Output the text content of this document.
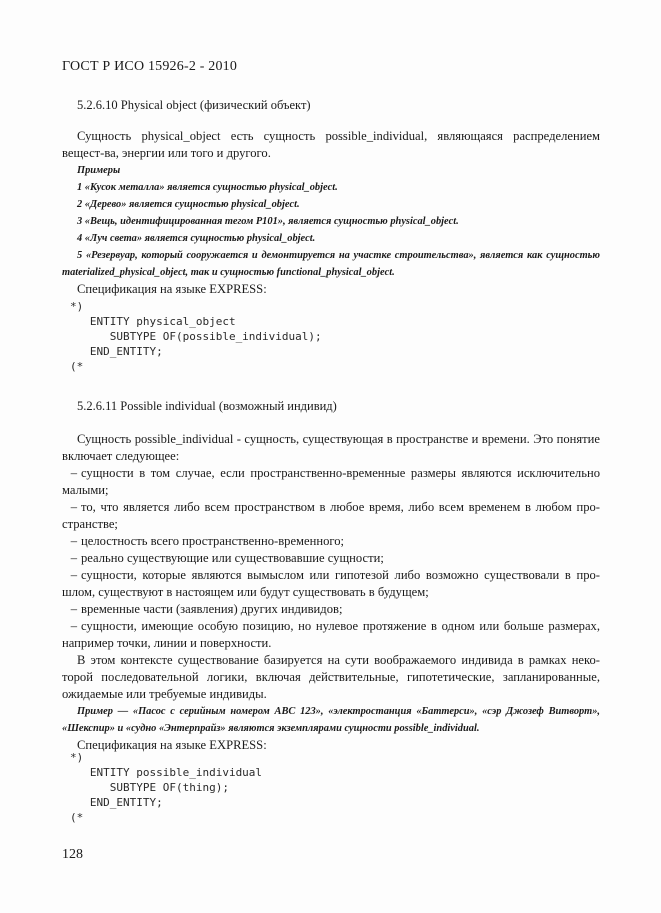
ГОСТ Р ИСО 15926-2 - 2010
5.2.6.10 Physical object (физический объект)

Сущность physical_object есть сущность possible_individual, являющаяся распределением вещест-ва, энергии или того и другого.

Примеры

1 «Кусок металла» является сущностью physical_object.

2 «Дерево» является сущностью physical_object.

3 «Вещь, идентифицированная тегом P101», является сущностью physical_object.

4 «Луч света» является сущностью physical_object.

5 «Резервуар, который сооружается и демонтируется на участке строительства», является как сущностью materialized_physical_object, так и сущностью functional_physical_object.

Спецификация на языке EXPRESS:

*)
ENTITY physical_object
SUBTYPE OF(possible_individual);
END_ENTITY;
(*
5.2.6.11 Possible individual (возможный индивид)

Сущность possible_individual - сущность, существующая в пространстве и времени. Это понятие включает следующее:

– сущности в том случае, если пространственно-временные размеры являются исключительно малыми;

– то, что является либо всем пространством в любое время, либо всем временем в любом про-странстве;

– целостность всего пространственно-временного;

– реально существующие или существовавшие сущности;

– сущности, которые являются вымыслом или гипотезой либо возможно существовали в про-шлом, существуют в настоящем или будут существовать в будущем;

– временные части (заявления) других индивидов;

– сущности, имеющие особую позицию, но нулевое протяжение в одном или больше размерах, например точки, линии и поверхности.

В этом контексте существование базируется на сути воображаемого индивида в рамках неко-торой последовательной логики, включая действительные, гипотетические, запланированные, ожидаемые или требуемые индивиды.

Пример — «Пасос с серийным номером ABC 123», «электростанция «Баттерси», «сэр Джозеф Витворт», «Шекспир» и «судно «Энтерпрайз» являются экземплярами сущности possible_individual.

Спецификация на языке EXPRESS:

*)
ENTITY possible_individual
SUBTYPE OF(thing);
END_ENTITY;
(*
128
